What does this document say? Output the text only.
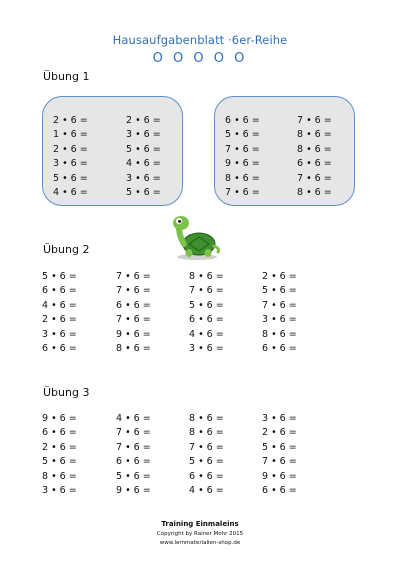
Hausaufgabenblatt ·6er-Reihe
O O O O O
Übung 1
Übung 2
Übung 3
2 • 6 =
1 • 6 =
2 • 6 =
3 • 6 =
5 • 6 =
4 • 6 =
2 • 6 =
3 • 6 =
5 • 6 =
4 • 6 =
3 • 6 =
5 • 6 =
6 • 6 =
5 • 6 =
7 • 6 =
9 • 6 =
8 • 6 =
7 • 6 =
7 • 6 =
8 • 6 =
8 • 6 =
6 • 6 =
7 • 6 =
8 • 6 =
5 • 6 =
6 • 6 =
4 • 6 =
2 • 6 =
3 • 6 =
6 • 6 =
7 • 6 =
7 • 6 =
6 • 6 =
7 • 6 =
9 • 6 =
8 • 6 =
8 • 6 =
7 • 6 =
5 • 6 =
6 • 6 =
4 • 6 =
3 • 6 =
2 • 6 =
5 • 6 =
7 • 6 =
3 • 6 =
8 • 6 =
6 • 6 =
9 • 6 =
6 • 6 =
2 • 6 =
5 • 6 =
8 • 6 =
3 • 6 =
4 • 6 =
7 • 6 =
7 • 6 =
6 • 6 =
5 • 6 =
9 • 6 =
8 • 6 =
8 • 6 =
7 • 6 =
5 • 6 =
6 • 6 =
4 • 6 =
3 • 6 =
2 • 6 =
5 • 6 =
7 • 6 =
9 • 6 =
6 • 6 =
Training Einmaleins
Copyright by Rainer Mohr 2015
www.lernmaterialien-shop.de
